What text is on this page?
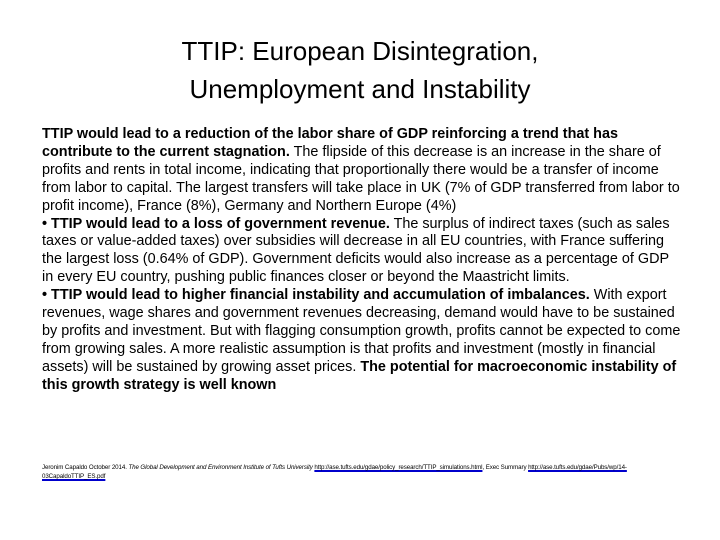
TTIP: European Disintegration,
Unemployment and Instability

TTIP would lead to a reduction of the labor share of GDP reinforcing a trend that has contribute to the current stagnation. The flipside of this decrease is an increase in the share of profits and rents in total income, indicating that proportionally there would be a transfer of income from labor to capital. The largest transfers will take place in UK (7% of GDP transferred from labor to profit income), France (8%), Germany and Northern Europe (4%)

• TTIP would lead to a loss of government revenue. The surplus of indirect taxes (such as sales taxes or value-added taxes) over subsidies will decrease in all EU countries, with France suffering the largest loss (0.64% of GDP). Government deficits would also increase as a percentage of GDP in every EU country, pushing public finances closer or beyond the Maastricht limits.

• TTIP would lead to higher financial instability and accumulation of imbalances. With export revenues, wage shares and government revenues decreasing, demand would have to be sustained by profits and investment. But with flagging consumption growth, profits cannot be expected to come from growing sales. A more realistic assumption is that profits and investment (mostly in financial assets) will be sustained by growing asset prices. The potential for macroeconomic instability of this growth strategy is well known

Jeronim Capaldo October 2014. The Global Development and Environment Institute of Tufts University http://ase.tufts.edu/gdae/policy_research/TTIP_simulations.html, Exec Summary http://ase.tufts.edu/gdae/Pubs/wp/14-03CapaldoTTIP_ES.pdf
